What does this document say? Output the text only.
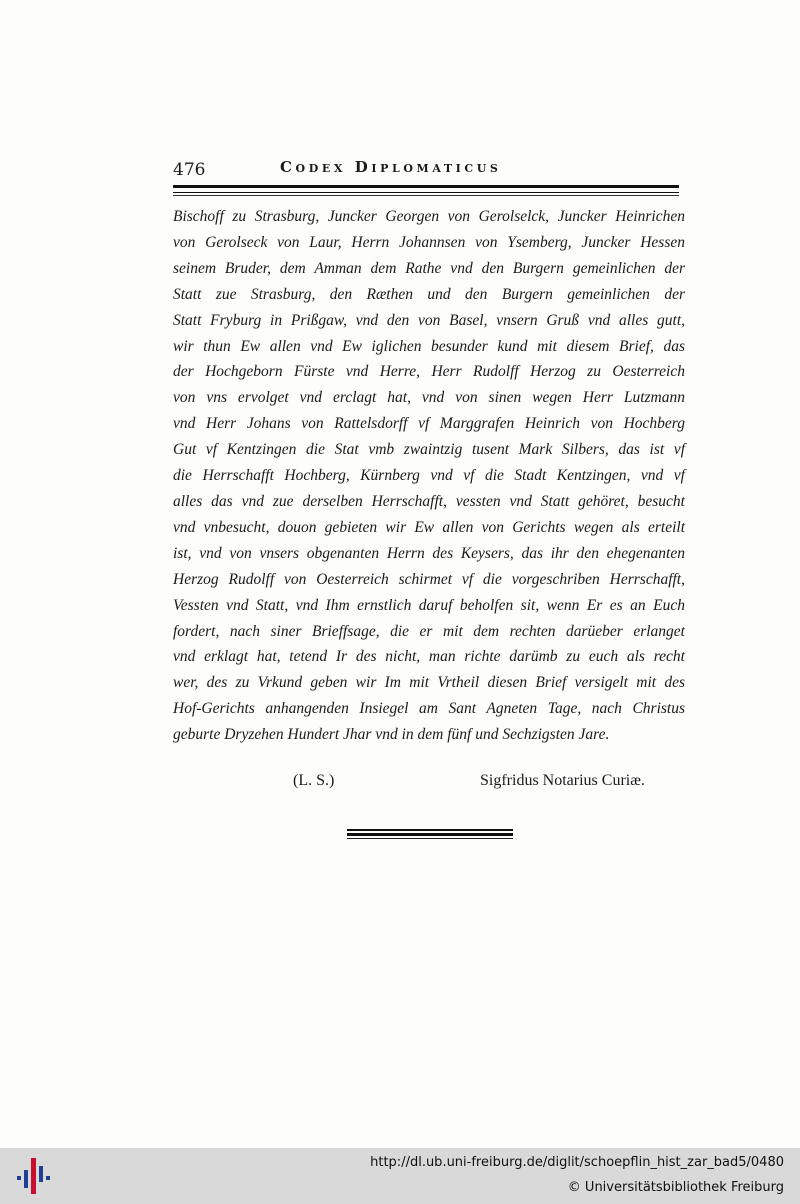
476	Codex Diplomaticus
Bischoff zu Strasburg, Juncker Georgen von Gerolselck, Juncker Heinrichen
von Gerolseck von Laur, Herrn Johannsen von Ysemberg, Juncker Hessen
seinem Bruder, dem Amman dem Rathe vnd den Burgern gemeinlichen der
Statt zue Strasburg, den Ræthen und den Burgern gemeinlichen der
Statt Fryburg in Prißgaw, vnd den von Basel, vnsern Gruß vnd alles gutt,
wir thun Ew allen vnd Ew iglichen besunder kund mit diesem Brief, das
der Hochgeborn Fürste vnd Herre, Herr Rudolff Herzog zu Oesterreich
von vns ervolget vnd erclagt hat, vnd von sinen wegen Herr Lutzmann
vnd Herr Johans von Rattelsdorff vf Marggrafen Heinrich von Hochberg
Gut vf Kentzingen die Stat vmb zwaintzig tusent Mark Silbers, das ist vf
die Herrschafft Hochberg, Kürnberg vnd vf die Stadt Kentzingen, vnd vf
alles das vnd zue derselben Herrschafft, vessten vnd Statt gehöret, besucht
vnd vnbesucht, douon gebieten wir Ew allen von Gerichts wegen als erteilt
ist, vnd von vnsers obgenanten Herrn des Keysers, das ihr den ehegenanten
Herzog Rudolff von Oesterreich schirmet vf die vorgeschriben Herrschafft,
Vessten vnd Statt, vnd Ihm ernstlich daruf beholfen sit, wenn Er es an Euch
fordert, nach siner Brieffsage, die er mit dem rechten darüeber erlanget
vnd erklagt hat, tetend Ir des nicht, man richte darümb zu euch als recht
wer, des zu Vrkund geben wir Im mit Vrtheil diesen Brief versigelt mit des
Hof-Gerichts anhangenden Insiegel am Sant Agneten Tage, nach Christus
geburte Dryzehen Hundert Jhar vnd in dem fünf und Sechzigsten Jare.
(L. S.)	Sigfridus Notarius Curiæ.
http://dl.ub.uni-freiburg.de/diglit/schoepflin_hist_zar_bad5/0480
© Universitätsbibliothek Freiburg
